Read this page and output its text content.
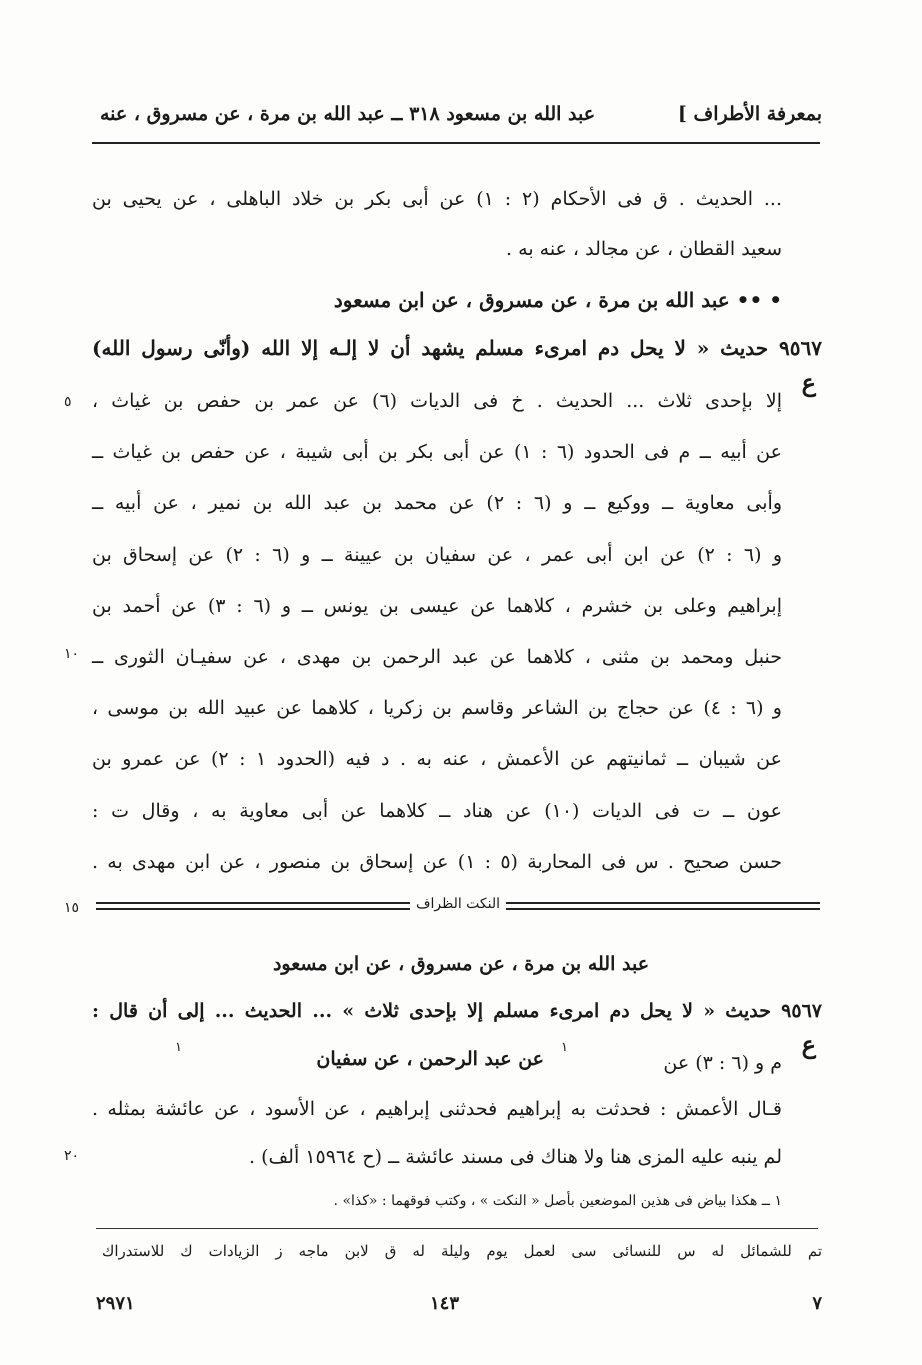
بمعرفة الأطراف ]
عبد الله بن مسعود ٣١٨ ــ عبد الله بن مرة ، عن مسروق ، عنه
... الحديث . ق فى الأحكام (٢ : ١) عن أبى بكر بن خلاد الباهلى ، عن يحيى بن
سعيد القطان ، عن مجالد ، عنه به .
• •• عبد الله بن مرة ، عن مسروق ، عن ابن مسعود
٩٥٦٧ حديث « لا يحل دم امرىء مسلم يشهد أن لا إلـه إلا الله (وأنّى رسول الله)
ع
إلا بإحدى ثلاث ... الحديث . خ فى الديات (٦) عن عمر بن حفص بن غياث ،
عن أبيه ــ م فى الحدود (٦ : ١) عن أبى بكر بن أبى شيبة ، عن حفص بن غياث ــ
وأبى معاوية ــ ووكيع ــ و (٦ : ٢) عن محمد بن عبد الله بن نمير ، عن أبيه ــ
و (٦ : ٢) عن ابن أبى عمر ، عن سفيان بن عيينة ــ و (٦ : ٢) عن إسحاق بن
إبراهيم وعلى بن خشرم ، كلاهما عن عيسى بن يونس ــ و (٦ : ٣) عن أحمد بن
حنبل ومحمد بن مثنى ، كلاهما عن عبد الرحمن بن مهدى ، عن سفيـان الثورى ــ
و (٦ : ٤) عن حجاج بن الشاعر وقاسم بن زكريا ، كلاهما عن عبيد الله بن موسى ،
عن شيبان ــ ثمانيتهم عن الأعمش ، عنه به . د فيه (الحدود ١ : ٢) عن عمرو بن
عون ــ ت فى الديات (١٠) عن هناد ــ كلاهما عن أبى معاوية به ، وقال ت :
حسن صحيح . س فى المحاربة (٥ : ١) عن إسحاق بن منصور ، عن ابن مهدى به .
٥
١٠
١٥
٢٠
النكت الظراف
عبد الله بن مرة ، عن مسروق ، عن ابن مسعود
٩٥٦٧ حديث « لا يحل دم امرىء مسلم إلا بإحدى ثلاث » ... الحديث ... إلى أن قال :
ع
م و (٦ : ٣) عن
١
عن عبد الرحمن ، عن سفيان
١
قـال الأعمش : فحدثت به إبراهيم فحدثنى إبراهيم ، عن الأسود ، عن عائشة بمثله .
لم ينبه عليه المزى هنا ولا هناك فى مسند عائشة ــ (ح ١٥٩٦٤ ألف) .
١ ــ هكذا بياض فى هذين الموضعين بأصل « النكت » ، وكتب فوقهما : «كذا» .
تم للشمائل له س للنسائى سى لعمل يوم وليلة له ق لابن ماجه ز الزيادات ك للاستدراك
٧
١٤٣
٢٩٧١
